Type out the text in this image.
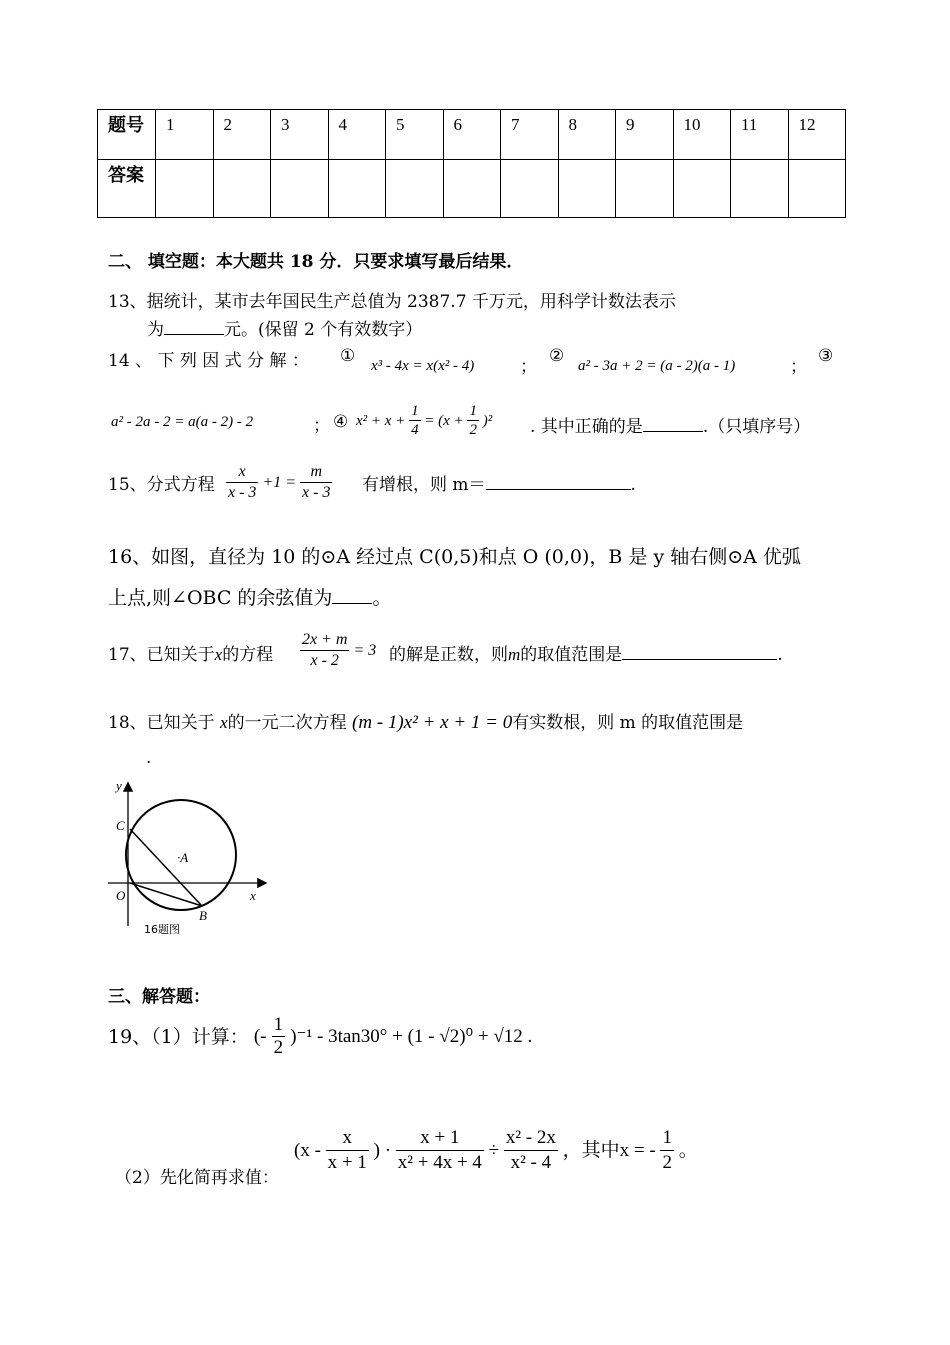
题号	1	2	3	4	5	6	7	8	9	10	11	12
答案												
二、 填空题：本大题共 18 分．只要求填写最后结果．
13、据统计，某市去年国民生产总值为 2387.7 千万元，用科学计数法表示
为	元。(保留 2 个有效数字）
14 、 下 列 因 式 分 解 ： ① x³ - 4x = x(x² - 4)	；
② a² - 3a + 2 = (a - 2)(a - 1)	；
③
a² - 2a - 2 = a(a - 2) - 2	； ④ $x^2 + x + \frac{1}{4} = (x + \frac{1}{2} )^2$ . 其中正确的是	.（只填序号）
15、分式方程 $\frac{x}{x - 3} +1 = \frac{m}{x - 3}$ 有增根，则 m＝	.
16、如图，直径为 10 的⊙A 经过点 C(0,5)和点 O (0,0)，B 是 y 轴右侧⊙A 优弧
上点,则∠OBC 的余弦值为 。
17、已知关于x的方程 $\frac{2x + m}{x - 2} = 3$ 的解是正数，则m的取值范围是	.
18、已知关于 x的一元二次方程 (m - 1)x² + x + 1 = 0有实数根，则 m 的取值范围是
.
y
x
C
·A
O
B
16题图
三、解答题：
19、（1）计算： (- $\frac{1}{2} )^{-1} - 3\tan 30^\circ + (1 - √2)^0 + √12$ .
（2）先化简再求值：
($x - \frac{x}{x + 1}$ ) · $\frac{x + 1}{\text{x² + 4x + 4}} \div \frac{\text{x² - 2x}}{\text{x² - 4}}$ ，其中x = - $\frac{1}{2}$ 。
